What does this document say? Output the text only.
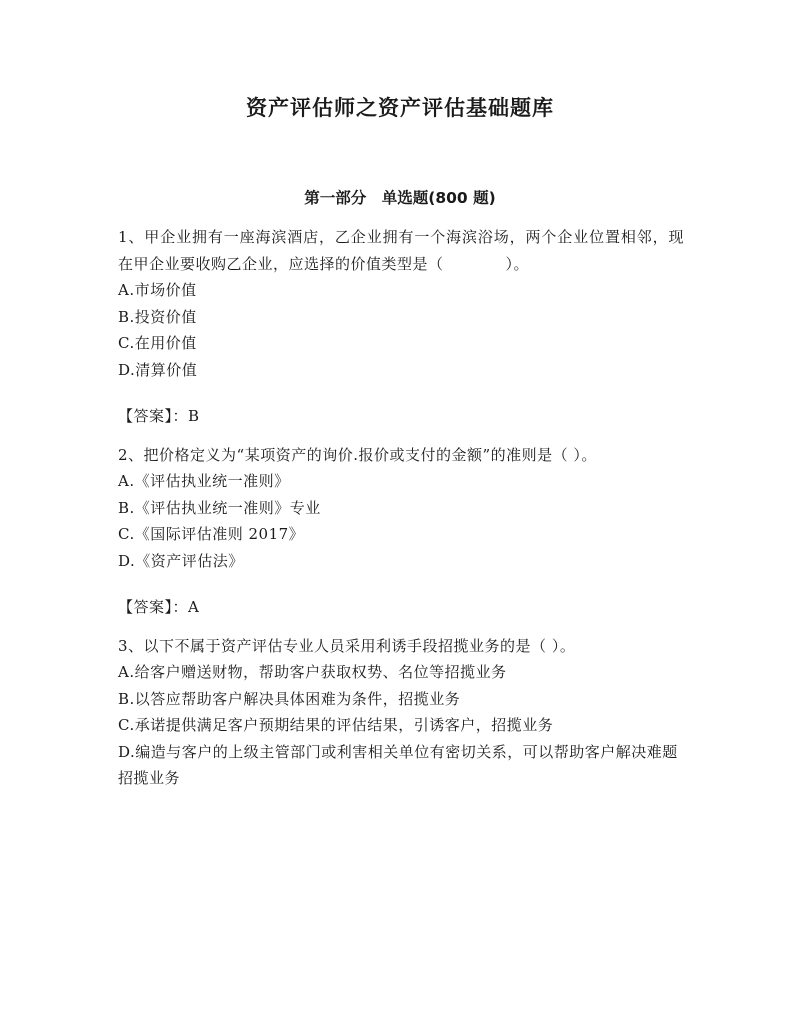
资产评估师之资产评估基础题库
第一部分　单选题(800 题)

1、甲企业拥有一座海滨酒店，乙企业拥有一个海滨浴场，两个企业位置相邻，现在甲企业要收购乙企业，应选择的价值类型是（　　　　）。

A.市场价值
B.投资价值
C.在用价值
D.清算价值
【答案】：B

2、把价格定义为“某项资产的询价.报价或支付的金额”的准则是（ ）。

A.《评估执业统一准则》
B.《评估执业统一准则》专业
C.《国际评估准则 2017》
D.《资产评估法》
【答案】：A

3、以下不属于资产评估专业人员采用利诱手段招揽业务的是（ ）。

A.给客户赠送财物，帮助客户获取权势、名位等招揽业务
B.以答应帮助客户解决具体困难为条件，招揽业务
C.承诺提供满足客户预期结果的评估结果，引诱客户，招揽业务
D.编造与客户的上级主管部门或利害相关单位有密切关系，可以帮助客户解决难题招揽业务
